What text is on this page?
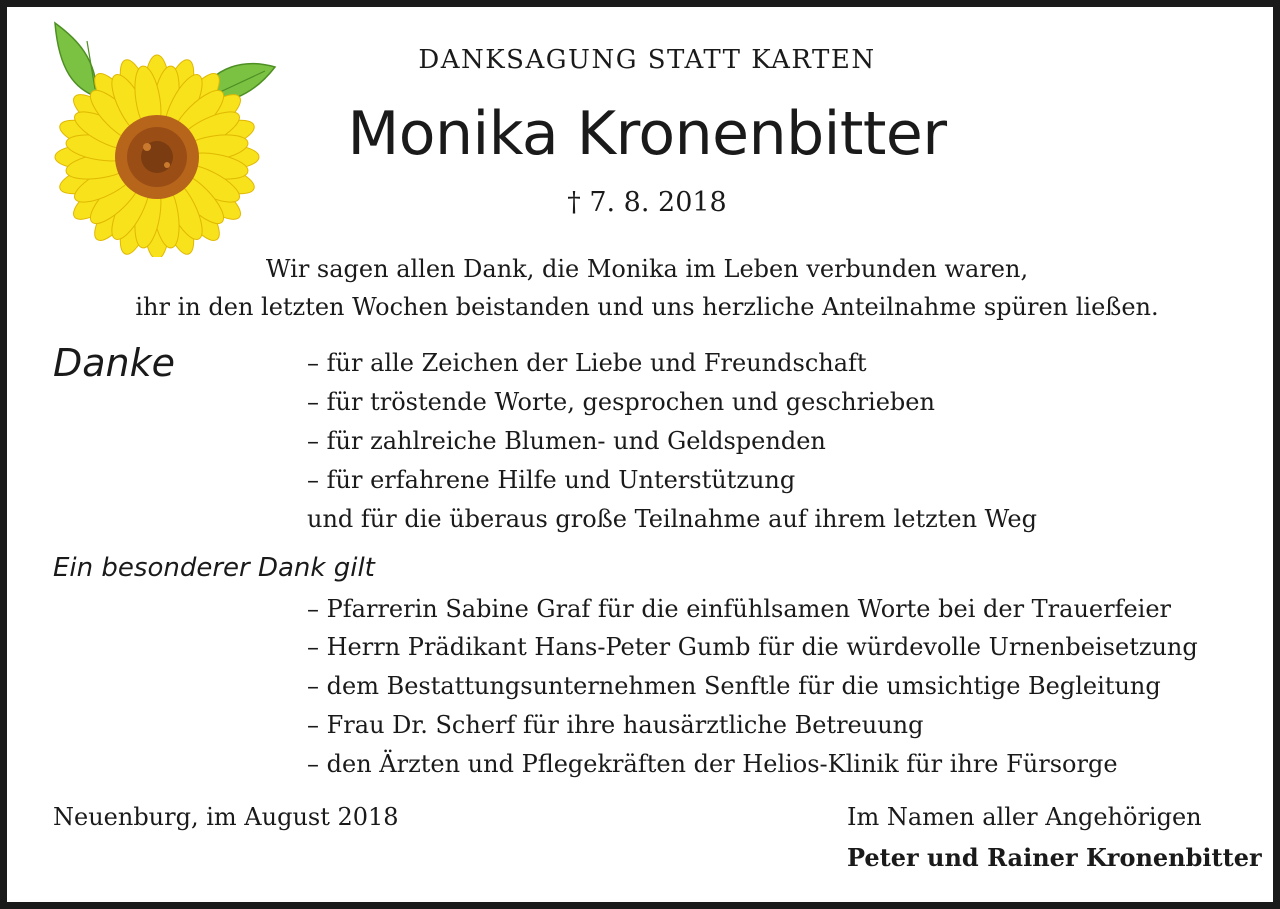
DANKSAGUNG STATT KARTEN
Monika Kronenbitter
† 7. 8. 2018
Wir sagen allen Dank, die Monika im Leben verbunden waren,
ihr in den letzten Wochen beistanden und uns herzliche Anteilnahme spüren ließen.
Danke	– für alle Zeichen der Liebe und Freundschaft
– für tröstende Worte, gesprochen und geschrieben
– für zahlreiche Blumen- und Geldspenden
– für erfahrene Hilfe und Unterstützung
und für die überaus große Teilnahme auf ihrem letzten Weg
Ein besonderer Dank gilt
– Pfarrerin Sabine Graf für die einfühlsamen Worte bei der Trauerfeier
– Herrn Prädikant Hans-Peter Gumb für die würdevolle Urnenbeisetzung
– dem Bestattungsunternehmen Senftle für die umsichtige Begleitung
– Frau Dr. Scherf für ihre hausärztliche Betreuung
– den Ärzten und Pflegekräften der Helios-Klinik für ihre Fürsorge
Neuenburg, im August 2018	Im Namen aller Angehörigen
Peter und Rainer Kronenbitter
